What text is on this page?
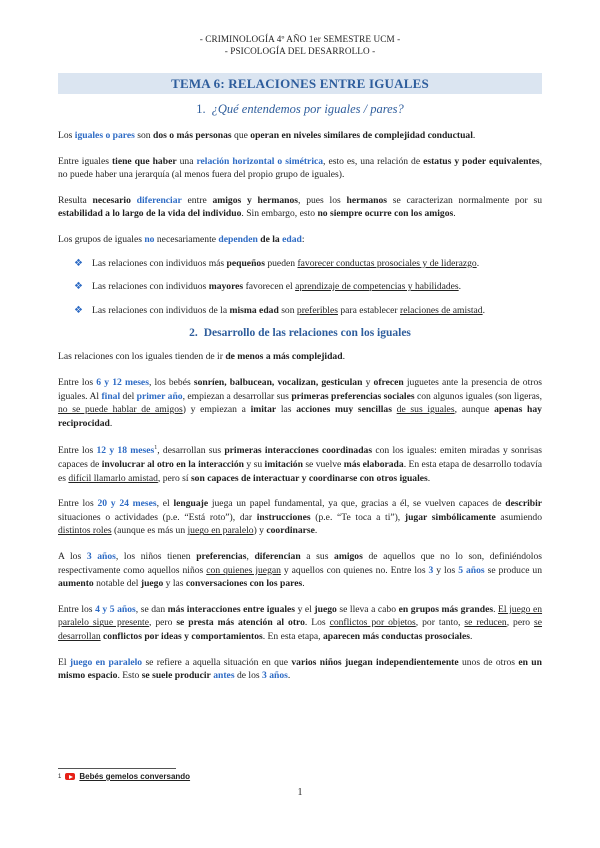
- CRIMINOLOGÍA 4º AÑO 1er SEMESTRE UCM -
- PSICOLOGÍA DEL DESARROLLO -
TEMA 6: RELACIONES ENTRE IGUALES
1. ¿Qué entendemos por iguales / pares?

Los iguales o pares son dos o más personas que operan en niveles similares de complejidad conductual.

Entre iguales tiene que haber una relación horizontal o simétrica, esto es, una relación de estatus y poder equivalentes, no puede haber una jerarquía (al menos fuera del propio grupo de iguales).

Resulta necesario diferenciar entre amigos y hermanos, pues los hermanos se caracterizan normalmente por su estabilidad a lo largo de la vida del individuo. Sin embargo, esto no siempre ocurre con los amigos.

Los grupos de iguales no necesariamente dependen de la edad:

❖ Las relaciones con individuos más pequeños pueden favorecer conductas prosociales y de liderazgo.
❖ Las relaciones con individuos mayores favorecen el aprendizaje de competencias y habilidades.
❖ Las relaciones con individuos de la misma edad son preferibles para establecer relaciones de amistad.
2. Desarrollo de las relaciones con los iguales

Las relaciones con los iguales tienden de ir de menos a más complejidad.

Entre los 6 y 12 meses, los bebés sonríen, balbucean, vocalizan, gesticulan y ofrecen juguetes ante la presencia de otros iguales. Al final del primer año, empiezan a desarrollar sus primeras preferencias sociales con algunos iguales (son ligeras, no se puede hablar de amigos) y empiezan a imitar las acciones muy sencillas de sus iguales, aunque apenas hay reciprocidad.

Entre los 12 y 18 meses$^1$, desarrollan sus primeras interacciones coordinadas con los iguales: emiten miradas y sonrisas capaces de involucrar al otro en la interacción y su imitación se vuelve más elaborada. En esta etapa de desarrollo todavía es difícil llamarlo amistad, pero sí son capaces de interactuar y coordinarse con otros iguales.

Entre los 20 y 24 meses, el lenguaje juega un papel fundamental, ya que, gracias a él, se vuelven capaces de describir situaciones o actividades (p.e. “Está roto”), dar instrucciones (p.e. “Te toca a ti”), jugar simbólicamente asumiendo distintos roles (aunque es más un juego en paralelo) y coordinarse.

A los 3 años, los niños tienen preferencias, diferencian a sus amigos de aquellos que no lo son, definiéndolos respectivamente como aquellos niños con quienes juegan y aquellos con quienes no. Entre los 3 y los 5 años se produce un aumento notable del juego y las conversaciones con los pares.

Entre los 4 y 5 años, se dan más interacciones entre iguales y el juego se lleva a cabo en grupos más grandes. El juego en paralelo sigue presente, pero se presta más atención al otro. Los conflictos por objetos, por tanto, se reducen, pero se desarrollan conflictos por ideas y comportamientos. En esta etapa, aparecen más conductas prosociales.

El juego en paralelo se refiere a aquella situación en que varios niños juegan independientemente unos de otros en un mismo espacio. Esto se suele producir antes de los 3 años.

1 Bebés gemelos conversando
1
